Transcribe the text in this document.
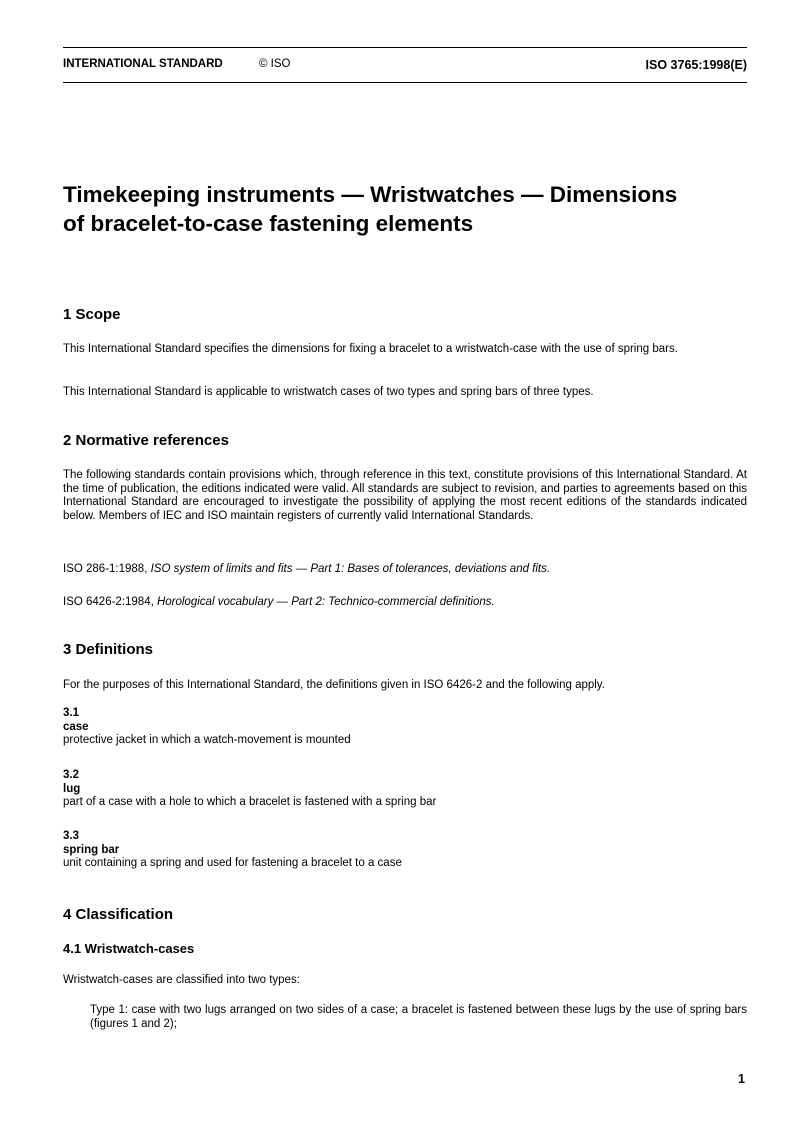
INTERNATIONAL STANDARD	© ISO	ISO 3765:1998(E)
Timekeeping instruments — Wristwatches — Dimensions
of bracelet-to-case fastening elements
1 Scope

This International Standard specifies the dimensions for fixing a bracelet to a wristwatch-case with the use of spring bars.

This International Standard is applicable to wristwatch cases of two types and spring bars of three types.

2 Normative references

The following standards contain provisions which, through reference in this text, constitute provisions of this International Standard. At the time of publication, the editions indicated were valid. All standards are subject to revision, and parties to agreements based on this International Standard are encouraged to investigate the possibility of applying the most recent editions of the standards indicated below. Members of IEC and ISO maintain registers of currently valid International Standards.

ISO 286-1:1988, ISO system of limits and fits — Part 1: Bases of tolerances, deviations and fits.

ISO 6426-2:1984, Horological vocabulary — Part 2: Technico-commercial definitions.

3 Definitions

For the purposes of this International Standard, the definitions given in ISO 6426-2 and the following apply.

3.1
case
protective jacket in which a watch-movement is mounted
3.2
lug
part of a case with a hole to which a bracelet is fastened with a spring bar
3.3
spring bar
unit containing a spring and used for fastening a bracelet to a case
4 Classification
4.1 Wristwatch-cases

Wristwatch-cases are classified into two types:

Type 1: case with two lugs arranged on two sides of a case; a bracelet is fastened between these lugs by the use of spring bars (figures 1 and 2);

1
